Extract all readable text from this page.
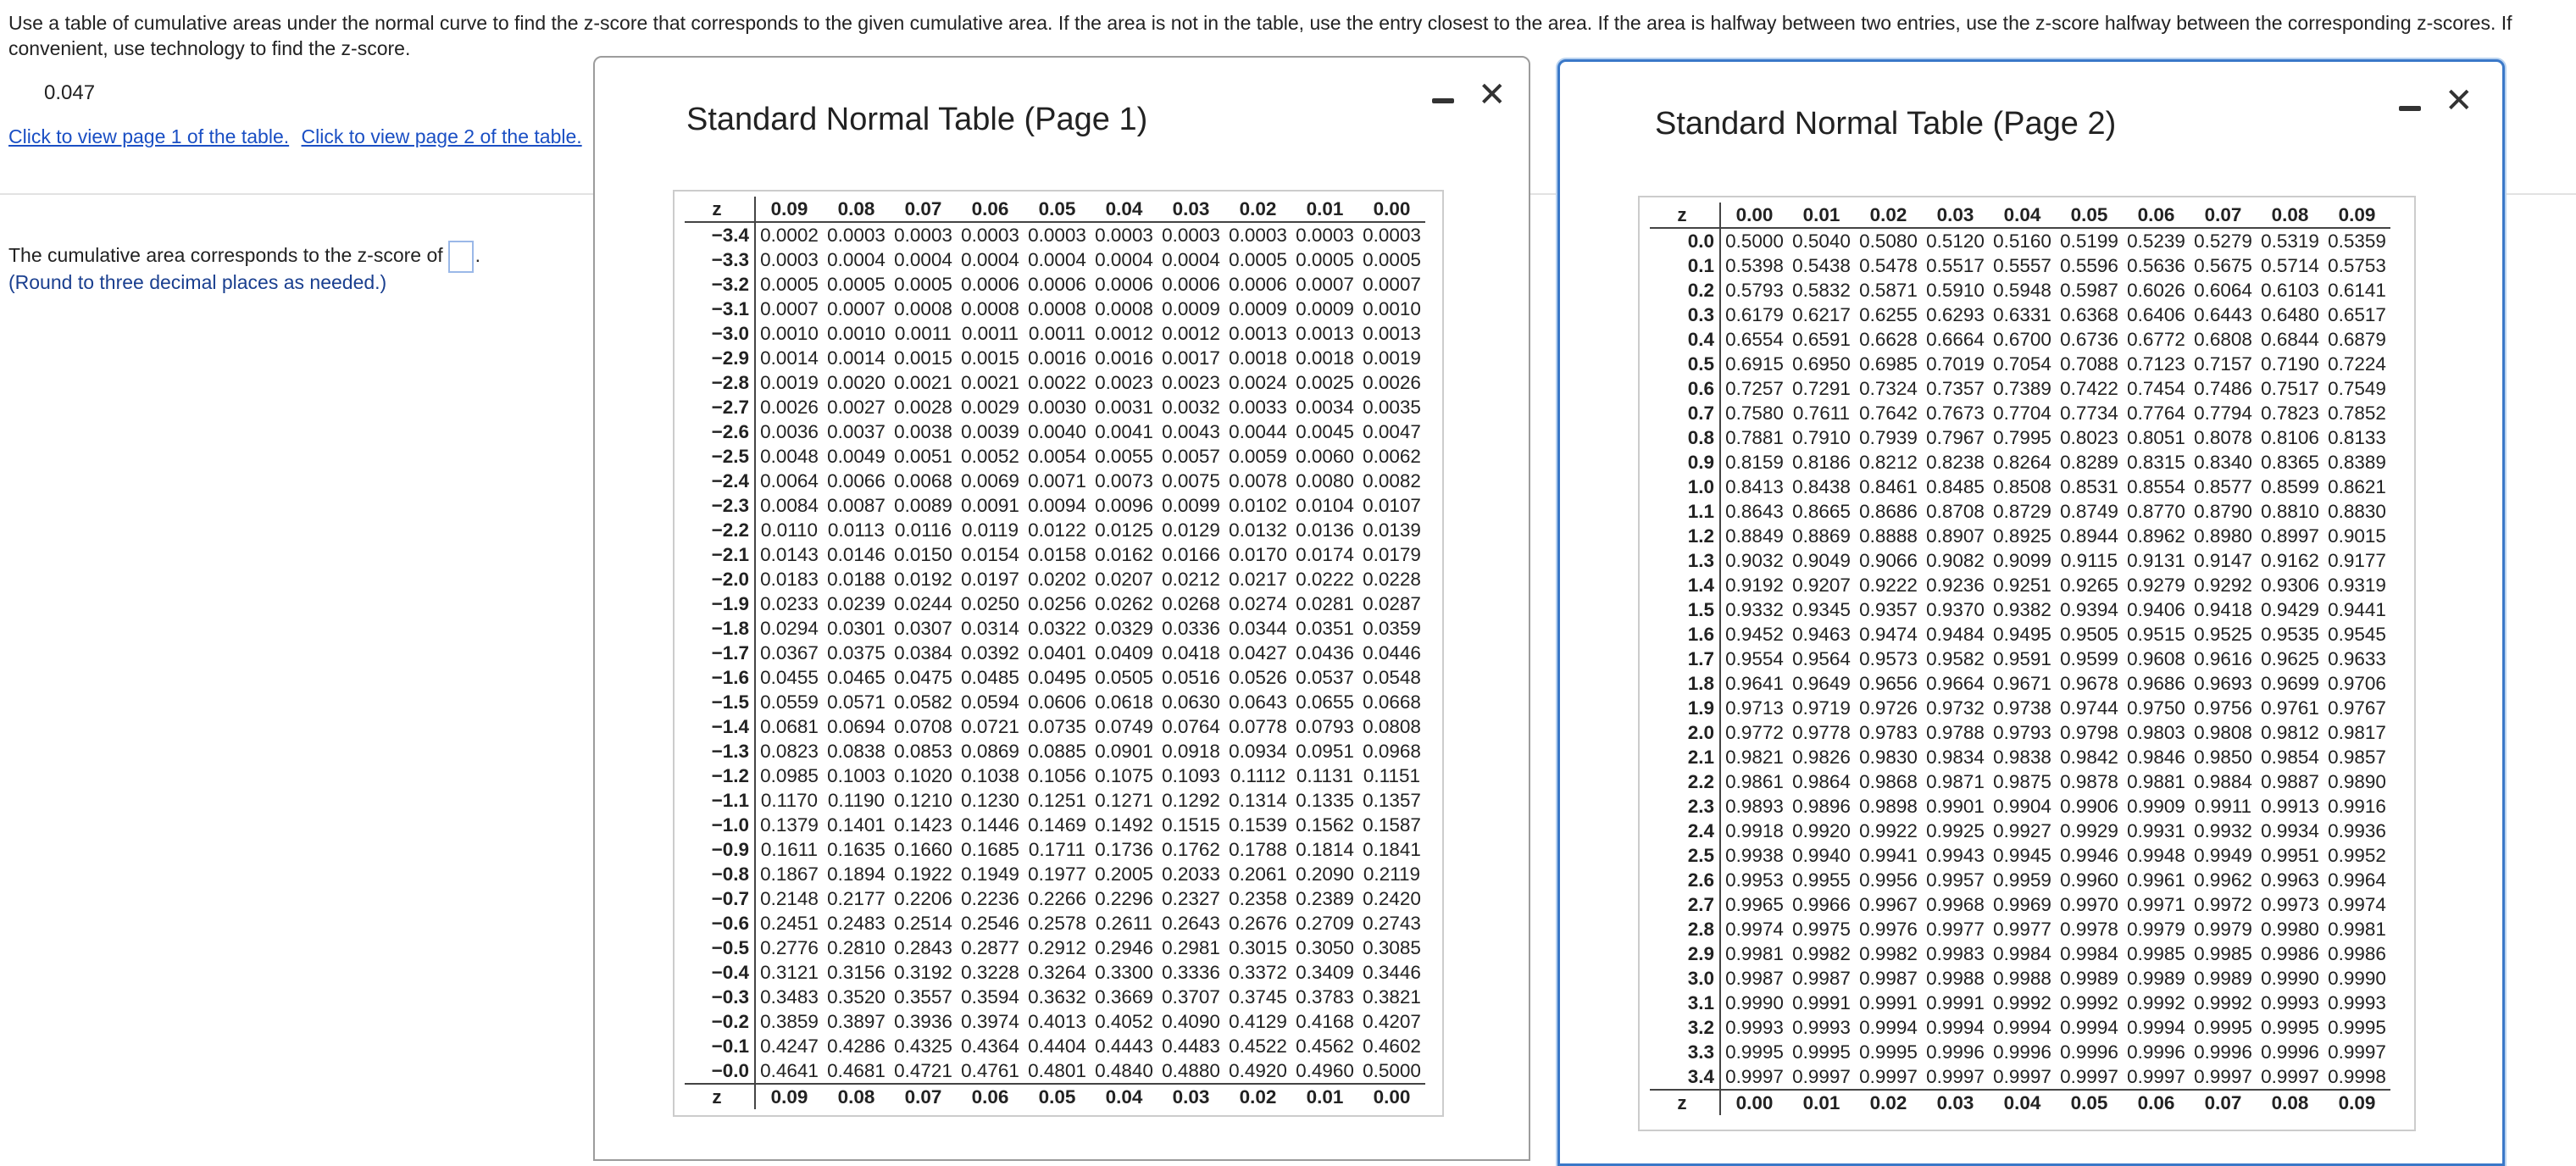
Use a table of cumulative areas under the normal curve to find the z-score that corresponds to the given cumulative area. If the area is not in the table, use the entry closest to the area. If the area is halfway between two entries, use the z-score halfway between the corresponding z-scores. If convenient, use technology to find the z-score.
0.047
Click to view page 1 of the table. Click to view page 2 of the table.
The cumulative area corresponds to the z-score of .
(Round to three decimal places as needed.)
Standard Normal Table (Page 1)
✕
z	0.09	0.08	0.07	0.06	0.05	0.04	0.03	0.02	0.01	0.00
−3.4	0.0002	0.0003	0.0003	0.0003	0.0003	0.0003	0.0003	0.0003	0.0003	0.0003
−3.3	0.0003	0.0004	0.0004	0.0004	0.0004	0.0004	0.0004	0.0005	0.0005	0.0005
−3.2	0.0005	0.0005	0.0005	0.0006	0.0006	0.0006	0.0006	0.0006	0.0007	0.0007
−3.1	0.0007	0.0007	0.0008	0.0008	0.0008	0.0008	0.0009	0.0009	0.0009	0.0010
−3.0	0.0010	0.0010	0.0011	0.0011	0.0011	0.0012	0.0012	0.0013	0.0013	0.0013
−2.9	0.0014	0.0014	0.0015	0.0015	0.0016	0.0016	0.0017	0.0018	0.0018	0.0019
−2.8	0.0019	0.0020	0.0021	0.0021	0.0022	0.0023	0.0023	0.0024	0.0025	0.0026
−2.7	0.0026	0.0027	0.0028	0.0029	0.0030	0.0031	0.0032	0.0033	0.0034	0.0035
−2.6	0.0036	0.0037	0.0038	0.0039	0.0040	0.0041	0.0043	0.0044	0.0045	0.0047
−2.5	0.0048	0.0049	0.0051	0.0052	0.0054	0.0055	0.0057	0.0059	0.0060	0.0062
−2.4	0.0064	0.0066	0.0068	0.0069	0.0071	0.0073	0.0075	0.0078	0.0080	0.0082
−2.3	0.0084	0.0087	0.0089	0.0091	0.0094	0.0096	0.0099	0.0102	0.0104	0.0107
−2.2	0.0110	0.0113	0.0116	0.0119	0.0122	0.0125	0.0129	0.0132	0.0136	0.0139
−2.1	0.0143	0.0146	0.0150	0.0154	0.0158	0.0162	0.0166	0.0170	0.0174	0.0179
−2.0	0.0183	0.0188	0.0192	0.0197	0.0202	0.0207	0.0212	0.0217	0.0222	0.0228
−1.9	0.0233	0.0239	0.0244	0.0250	0.0256	0.0262	0.0268	0.0274	0.0281	0.0287
−1.8	0.0294	0.0301	0.0307	0.0314	0.0322	0.0329	0.0336	0.0344	0.0351	0.0359
−1.7	0.0367	0.0375	0.0384	0.0392	0.0401	0.0409	0.0418	0.0427	0.0436	0.0446
−1.6	0.0455	0.0465	0.0475	0.0485	0.0495	0.0505	0.0516	0.0526	0.0537	0.0548
−1.5	0.0559	0.0571	0.0582	0.0594	0.0606	0.0618	0.0630	0.0643	0.0655	0.0668
−1.4	0.0681	0.0694	0.0708	0.0721	0.0735	0.0749	0.0764	0.0778	0.0793	0.0808
−1.3	0.0823	0.0838	0.0853	0.0869	0.0885	0.0901	0.0918	0.0934	0.0951	0.0968
−1.2	0.0985	0.1003	0.1020	0.1038	0.1056	0.1075	0.1093	0.1112	0.1131	0.1151
−1.1	0.1170	0.1190	0.1210	0.1230	0.1251	0.1271	0.1292	0.1314	0.1335	0.1357
−1.0	0.1379	0.1401	0.1423	0.1446	0.1469	0.1492	0.1515	0.1539	0.1562	0.1587
−0.9	0.1611	0.1635	0.1660	0.1685	0.1711	0.1736	0.1762	0.1788	0.1814	0.1841
−0.8	0.1867	0.1894	0.1922	0.1949	0.1977	0.2005	0.2033	0.2061	0.2090	0.2119
−0.7	0.2148	0.2177	0.2206	0.2236	0.2266	0.2296	0.2327	0.2358	0.2389	0.2420
−0.6	0.2451	0.2483	0.2514	0.2546	0.2578	0.2611	0.2643	0.2676	0.2709	0.2743
−0.5	0.2776	0.2810	0.2843	0.2877	0.2912	0.2946	0.2981	0.3015	0.3050	0.3085
−0.4	0.3121	0.3156	0.3192	0.3228	0.3264	0.3300	0.3336	0.3372	0.3409	0.3446
−0.3	0.3483	0.3520	0.3557	0.3594	0.3632	0.3669	0.3707	0.3745	0.3783	0.3821
−0.2	0.3859	0.3897	0.3936	0.3974	0.4013	0.4052	0.4090	0.4129	0.4168	0.4207
−0.1	0.4247	0.4286	0.4325	0.4364	0.4404	0.4443	0.4483	0.4522	0.4562	0.4602
−0.0	0.4641	0.4681	0.4721	0.4761	0.4801	0.4840	0.4880	0.4920	0.4960	0.5000
z	0.09	0.08	0.07	0.06	0.05	0.04	0.03	0.02	0.01	0.00
Standard Normal Table (Page 2)
✕
z	0.00	0.01	0.02	0.03	0.04	0.05	0.06	0.07	0.08	0.09
0.0	0.5000	0.5040	0.5080	0.5120	0.5160	0.5199	0.5239	0.5279	0.5319	0.5359
0.1	0.5398	0.5438	0.5478	0.5517	0.5557	0.5596	0.5636	0.5675	0.5714	0.5753
0.2	0.5793	0.5832	0.5871	0.5910	0.5948	0.5987	0.6026	0.6064	0.6103	0.6141
0.3	0.6179	0.6217	0.6255	0.6293	0.6331	0.6368	0.6406	0.6443	0.6480	0.6517
0.4	0.6554	0.6591	0.6628	0.6664	0.6700	0.6736	0.6772	0.6808	0.6844	0.6879
0.5	0.6915	0.6950	0.6985	0.7019	0.7054	0.7088	0.7123	0.7157	0.7190	0.7224
0.6	0.7257	0.7291	0.7324	0.7357	0.7389	0.7422	0.7454	0.7486	0.7517	0.7549
0.7	0.7580	0.7611	0.7642	0.7673	0.7704	0.7734	0.7764	0.7794	0.7823	0.7852
0.8	0.7881	0.7910	0.7939	0.7967	0.7995	0.8023	0.8051	0.8078	0.8106	0.8133
0.9	0.8159	0.8186	0.8212	0.8238	0.8264	0.8289	0.8315	0.8340	0.8365	0.8389
1.0	0.8413	0.8438	0.8461	0.8485	0.8508	0.8531	0.8554	0.8577	0.8599	0.8621
1.1	0.8643	0.8665	0.8686	0.8708	0.8729	0.8749	0.8770	0.8790	0.8810	0.8830
1.2	0.8849	0.8869	0.8888	0.8907	0.8925	0.8944	0.8962	0.8980	0.8997	0.9015
1.3	0.9032	0.9049	0.9066	0.9082	0.9099	0.9115	0.9131	0.9147	0.9162	0.9177
1.4	0.9192	0.9207	0.9222	0.9236	0.9251	0.9265	0.9279	0.9292	0.9306	0.9319
1.5	0.9332	0.9345	0.9357	0.9370	0.9382	0.9394	0.9406	0.9418	0.9429	0.9441
1.6	0.9452	0.9463	0.9474	0.9484	0.9495	0.9505	0.9515	0.9525	0.9535	0.9545
1.7	0.9554	0.9564	0.9573	0.9582	0.9591	0.9599	0.9608	0.9616	0.9625	0.9633
1.8	0.9641	0.9649	0.9656	0.9664	0.9671	0.9678	0.9686	0.9693	0.9699	0.9706
1.9	0.9713	0.9719	0.9726	0.9732	0.9738	0.9744	0.9750	0.9756	0.9761	0.9767
2.0	0.9772	0.9778	0.9783	0.9788	0.9793	0.9798	0.9803	0.9808	0.9812	0.9817
2.1	0.9821	0.9826	0.9830	0.9834	0.9838	0.9842	0.9846	0.9850	0.9854	0.9857
2.2	0.9861	0.9864	0.9868	0.9871	0.9875	0.9878	0.9881	0.9884	0.9887	0.9890
2.3	0.9893	0.9896	0.9898	0.9901	0.9904	0.9906	0.9909	0.9911	0.9913	0.9916
2.4	0.9918	0.9920	0.9922	0.9925	0.9927	0.9929	0.9931	0.9932	0.9934	0.9936
2.5	0.9938	0.9940	0.9941	0.9943	0.9945	0.9946	0.9948	0.9949	0.9951	0.9952
2.6	0.9953	0.9955	0.9956	0.9957	0.9959	0.9960	0.9961	0.9962	0.9963	0.9964
2.7	0.9965	0.9966	0.9967	0.9968	0.9969	0.9970	0.9971	0.9972	0.9973	0.9974
2.8	0.9974	0.9975	0.9976	0.9977	0.9977	0.9978	0.9979	0.9979	0.9980	0.9981
2.9	0.9981	0.9982	0.9982	0.9983	0.9984	0.9984	0.9985	0.9985	0.9986	0.9986
3.0	0.9987	0.9987	0.9987	0.9988	0.9988	0.9989	0.9989	0.9989	0.9990	0.9990
3.1	0.9990	0.9991	0.9991	0.9991	0.9992	0.9992	0.9992	0.9992	0.9993	0.9993
3.2	0.9993	0.9993	0.9994	0.9994	0.9994	0.9994	0.9994	0.9995	0.9995	0.9995
3.3	0.9995	0.9995	0.9995	0.9996	0.9996	0.9996	0.9996	0.9996	0.9996	0.9997
3.4	0.9997	0.9997	0.9997	0.9997	0.9997	0.9997	0.9997	0.9997	0.9997	0.9998
z	0.00	0.01	0.02	0.03	0.04	0.05	0.06	0.07	0.08	0.09
